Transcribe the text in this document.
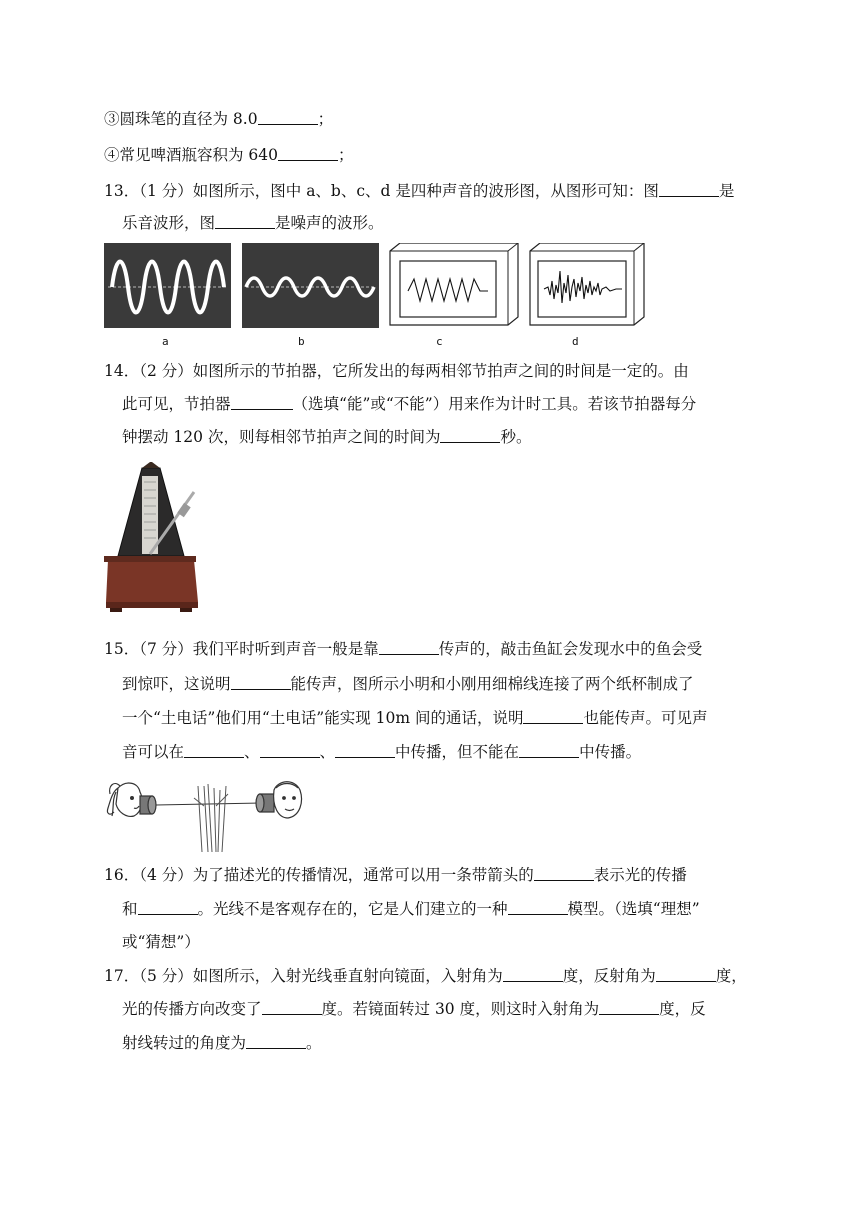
③圆珠笔的直径为 8.0	；
④常见啤酒瓶容积为 640	；
13．（1 分）如图所示，图中 a、b、c、d 是四种声音的波形图，从图形可知：图	是
乐音波形，图	是噪声的波形。
a	b	c	d
14．（2 分）如图所示的节拍器，它所发出的每两相邻节拍声之间的时间是一定的。由
此可见，节拍器	（选填“能”或“不能”）用来作为计时工具。若该节拍器每分
钟摆动 120 次，则每相邻节拍声之间的时间为	秒。
15．（7 分）我们平时听到声音一般是靠	传声的，敲击鱼缸会发现水中的鱼会受
到惊吓，这说明	能传声，图所示小明和小刚用细棉线连接了两个纸杯制成了
一个“土电话”他们用“土电话”能实现 10m 间的通话，说明	也能传声。可见声
音可以在	、	、	中传播，但不能在	中传播。
16．（4 分）为了描述光的传播情况，通常可以用一条带箭头的	表示光的传播
和	。光线不是客观存在的，它是人们建立的一种	模型。（选填“理想”
或“猜想”）
17．（5 分）如图所示，入射光线垂直射向镜面，入射角为	度，反射角为	度，
光的传播方向改变了	度。若镜面转过 30 度，则这时入射角为	度，反
射线转过的角度为	。
